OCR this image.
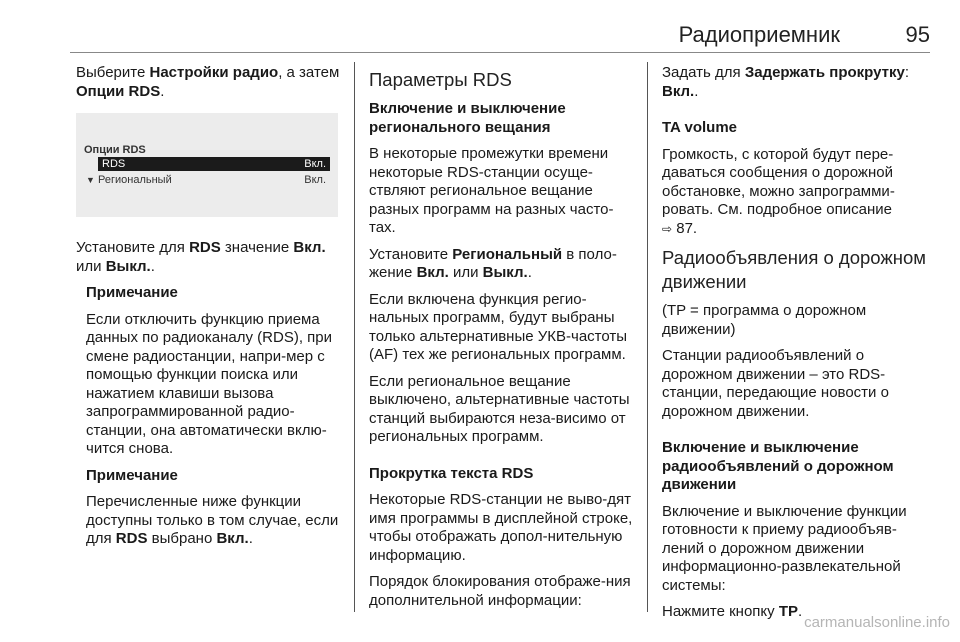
Радиоприемник	95

Выберите Настройки радио, а затем Опции RDS.

Опции RDS
RDS	Вкл.
▼ Региональный	Вкл.

Установите для RDS значение Вкл. или Выкл..

Примечание

Если отключить функцию приема данных по радиоканалу (RDS), при смене радиостанции, напри-мер с помощью функции поиска или нажатием клавиши вызова запрограммированной радио-станции, она автоматически вклю-чится снова.

Примечание

Перечисленные ниже функции доступны только в том случае, если для RDS выбрано Вкл..

Параметры RDS

Включение и выключение регионального вещания

В некоторые промежутки времени некоторые RDS-станции осуще-ствляют региональное вещание разных программ на разных часто-тах.

Установите Региональный в поло-жение Вкл. или Выкл..

Если включена функция регио-нальных программ, будут выбраны только альтернативные УКВ-частоты (AF) тех же региональных программ.

Если региональное вещание выключено, альтернативные частоты станций выбираются неза-висимо от региональных программ.

Прокрутка текста RDS

Некоторые RDS-станции не выво-дят имя программы в дисплейной строке, чтобы отображать допол-нительную информацию.

Порядок блокирования отображе-ния дополнительной информации:

Задать для Задержать прокрутку: Вкл..

TA volume

Громкость, с которой будут пере-даваться сообщения о дорожной обстановке, можно запрограмми-ровать. См. подробное описание
⇨ 87.

Радиообъявления о дорожном движении

(TP = программа о дорожном движении)

Станции радиообъявлений о дорожном движении – это RDS-станции, передающие новости о дорожном движении.

Включение и выключение радиообъявлений о дорожном движении

Включение и выключение функции готовности к приему радиообъяв-лений о дорожном движении информационно-развлекательной системы:

Нажмите кнопку TP.

carmanualsonline.info
